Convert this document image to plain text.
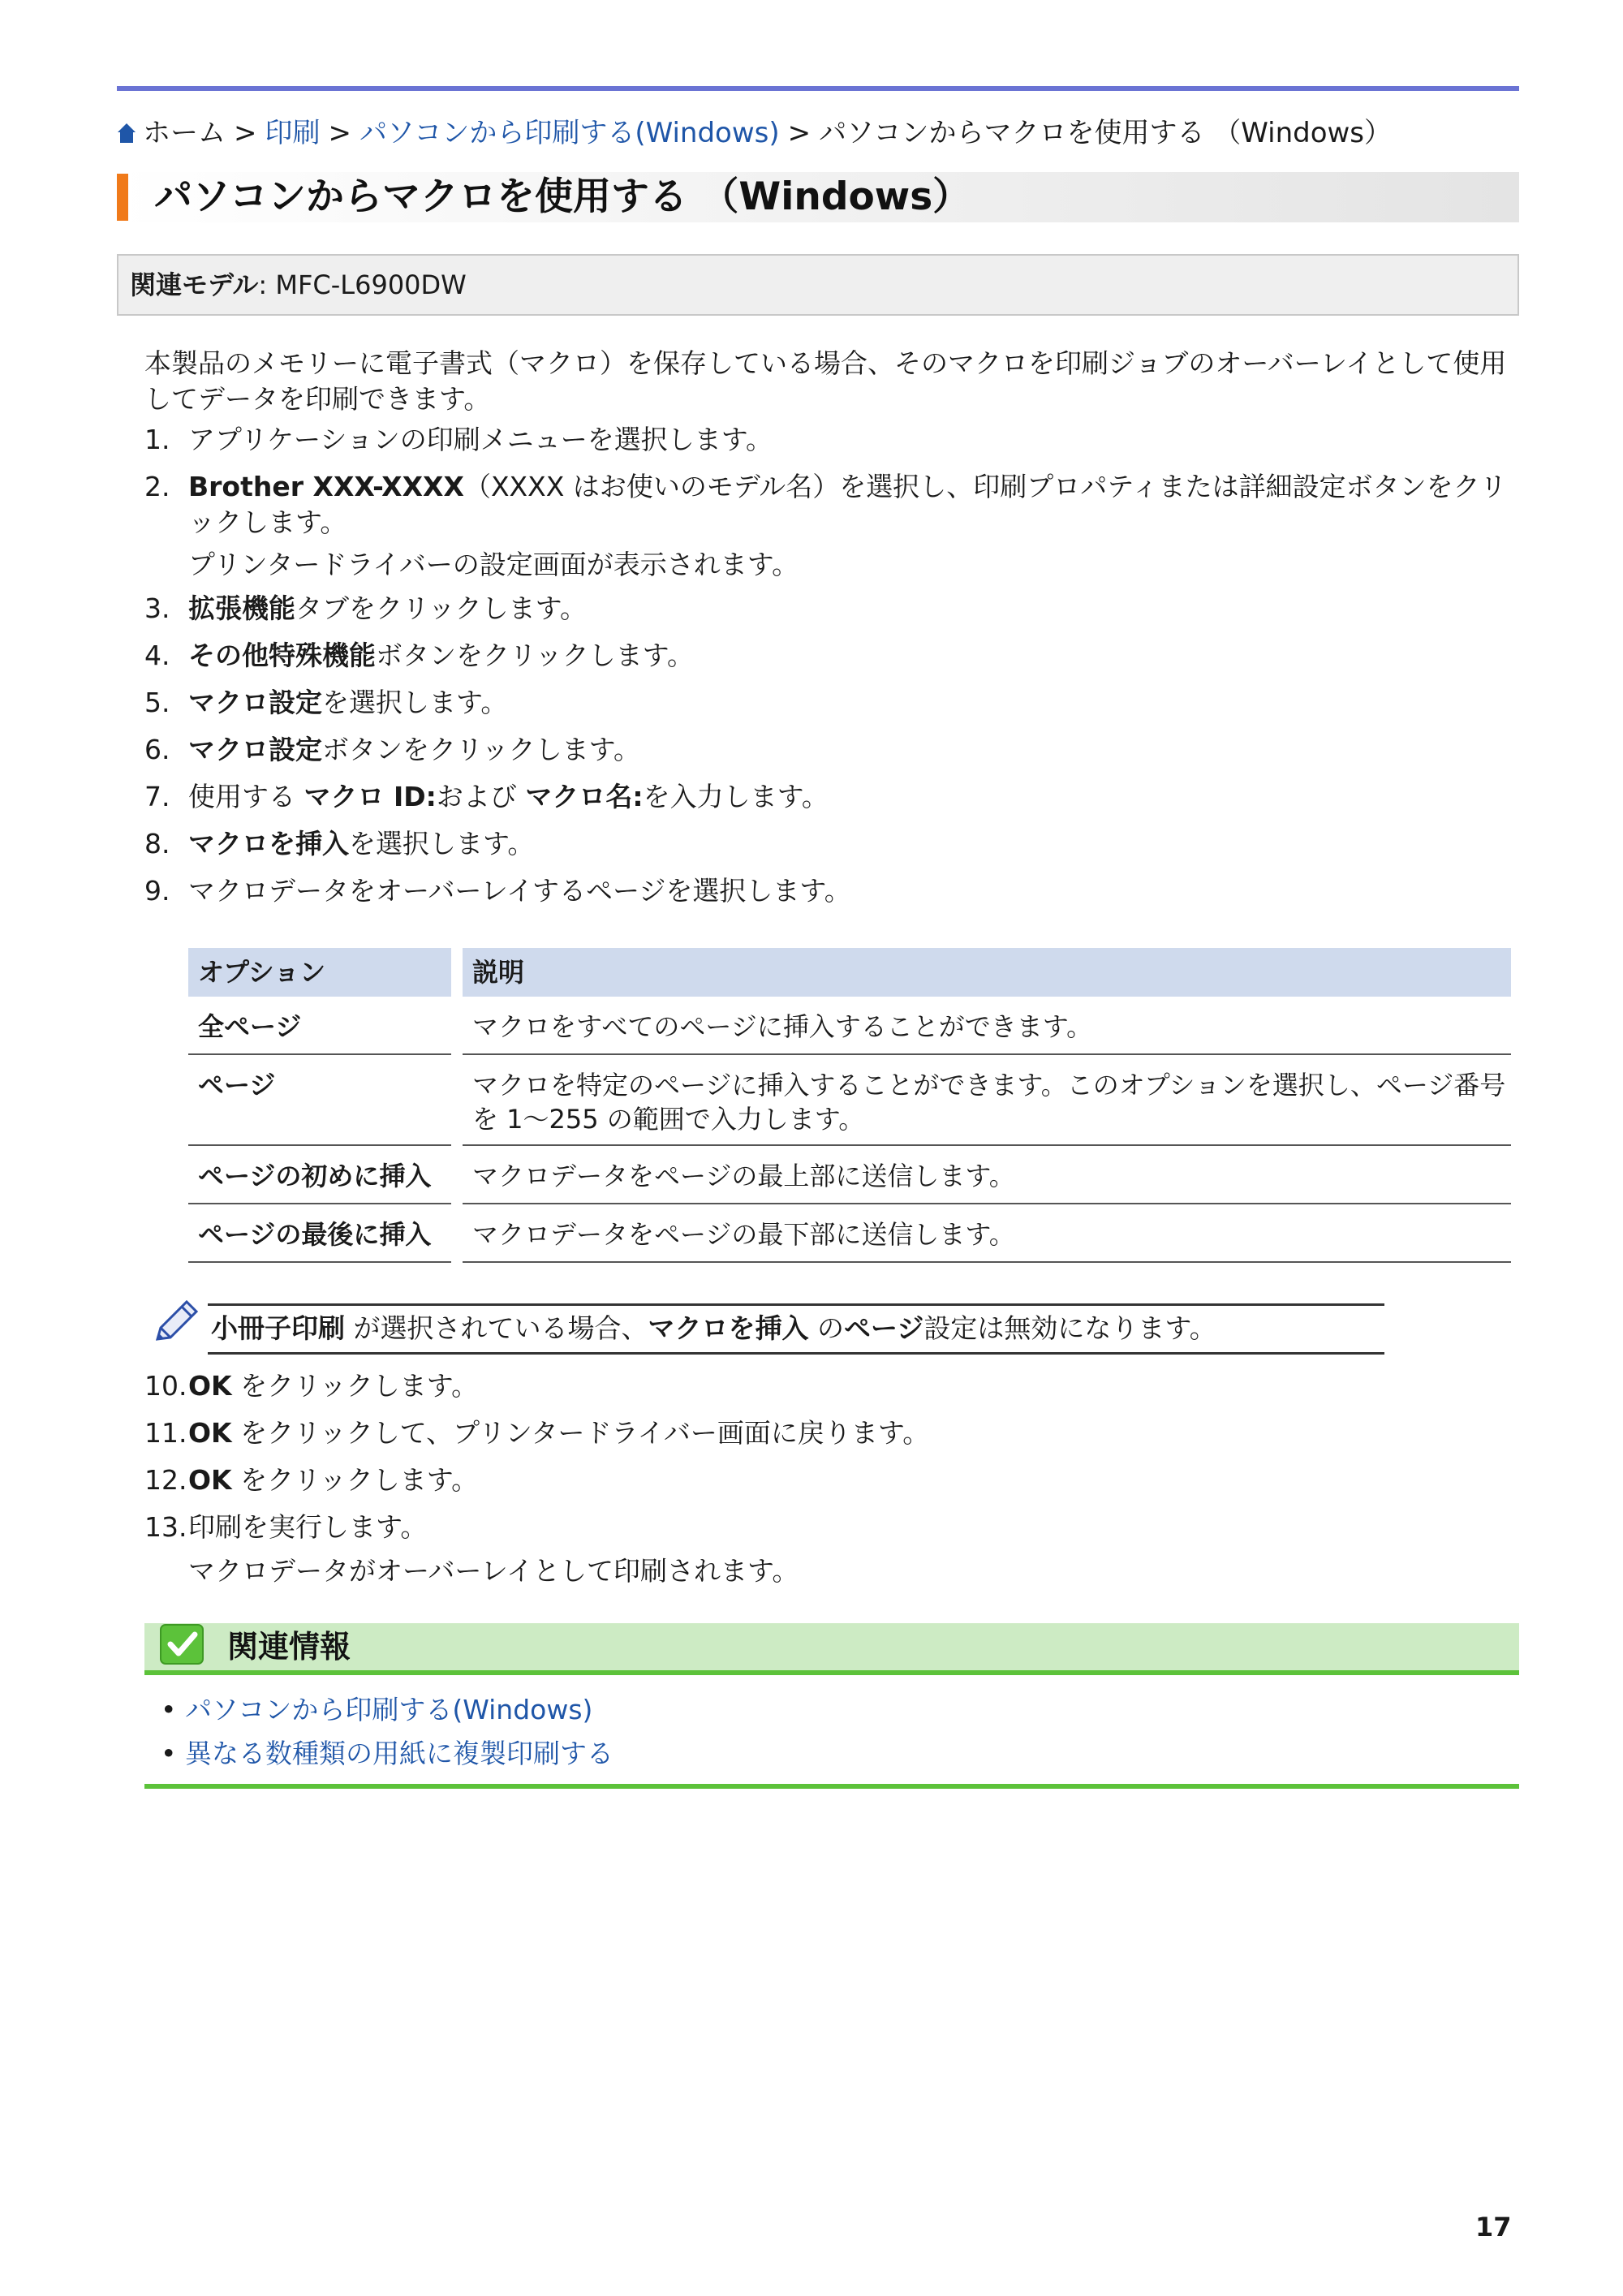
ホーム > 印刷 > パソコンから印刷する(Windows) > パソコンからマクロを使用する （Windows）
パソコンからマクロを使用する （Windows）
関連モデル: MFC-L6900DW
本製品のメモリーに電子書式（マクロ）を保存している場合、そのマクロを印刷ジョブのオーバーレイとして使用してデータを印刷できます。
1. アプリケーションの印刷メニューを選択します。
2. Brother XXX-XXXX（XXXX はお使いのモデル名）を選択し、印刷プロパティまたは詳細設定ボタンをクリックします。
プリンタードライバーの設定画面が表示されます。
3. 拡張機能タブをクリックします。
4. その他特殊機能ボタンをクリックします。
5. マクロ設定を選択します。
6. マクロ設定ボタンをクリックします。
7. 使用する マクロ ID:および マクロ名:を入力します。
8. マクロを挿入を選択します。
9. マクロデータをオーバーレイするページを選択します。
オプション	説明
全ページ	マクロをすべてのページに挿入することができます。
ページ	マクロを特定のページに挿入することができます。このオプションを選択し、ページ番号を 1～255 の範囲で入力します。
ページの初めに挿入	マクロデータをページの最上部に送信します。
ページの最後に挿入	マクロデータをページの最下部に送信します。
小冊子印刷 が選択されている場合、マクロを挿入 のページ設定は無効になります。
10. OK をクリックします。
11. OK をクリックして、プリンタードライバー画面に戻ります。
12. OK をクリックします。
13. 印刷を実行します。
マクロデータがオーバーレイとして印刷されます。
関連情報
• パソコンから印刷する(Windows)
• 異なる数種類の用紙に複製印刷する
17
